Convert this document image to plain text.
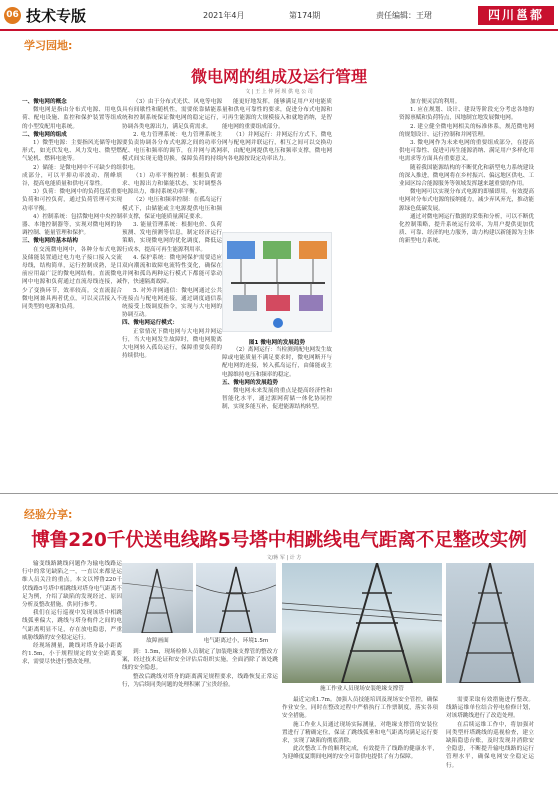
06 技术专版	2021年4月	第174期	责任编辑：王珺	四川邕都
学习园地:
微电网的组成及运行管理
文 | 王 上 仲 阿 坝 供 电 公 司

一、微电网的概念

微电网是指由分布式电源、用电负荷、配电设施、监控和保护装置等组成的小型发配用电系统。

二、微电网的组成

1）微型电源：主要指风光储等电源形式，如光伏发电、风力发电、微型燃气轮机、燃料电池等。

2）储能：是微电网中不可缺少的组成部分，可以平抑功率波动、削峰填谷，提高电能质量和供电可靠性。

3）负荷：微电网中的负荷包括重要负荷和可控负荷，通过负荷管理可实现功率平衡。

4）控制系统：包括微电网中央控制器、本地控制器等，实现对微电网的协调控制、能量管理和保护。

三、微电网的基本结构

在交流微电网中，各种分布式电源及储能装置通过电力电子接口接入交流母线，结构简单，运行控制成熟，是目前应用最广泛的微电网结构。直流微电网中电源和负荷通过直流母线连接，减少了变换环节，效率较高。交直流混合微电网兼具两者优点，可以灵活接入不同类型的电源和负荷。

（3）由于分布式光伏、风电等电源具有间歇性和随机性，需要依靠储能系统和控制系统保证微电网的稳定运行，协调各类电源出力，满足负荷需求。

2. 电力管理系统：电力管理系统主要负责协调各分布式电源之间的功率分配、电压和频率的调节，在并网与离网模式间实现无缝切换，保障负荷的持续供电。

（1）功率平衡控制：根据负荷需求、电源出力和储能状态，实时调整各电源出力，维持系统功率平衡。

（2）电压和频率控制：在孤岛运行模式下，由储能或主电源提供电压和频率支撑，保证电能质量满足要求。

3. 能量管理系统：根据电价、负荷预测、发电预测等信息，制定经济运行策略，实现微电网的优化调度，降低运行成本，提高可再生能源利用率。

4. 保护系统：微电网保护需要适应双向潮流和故障电流特性变化，确保在并网和孤岛两种运行模式下都能可靠动作，快速隔离故障。

5. 对外并网通信：微电网通过公共连接点与配电网连接，通过调度通信系统接受上级调度指令，实现与大电网的协调互动。

四、微电网运行模式：

正常情况下微电网与大电网并网运行，当大电网发生故障时，微电网脱离大电网转入孤岛运行，保障重要负荷的持续供电。

能更好地发挥，能够满足用户对电能质量和供电可靠性的要求，促进分布式电源和可再生能源的大规模接入和就地消纳，是智能电网的重要组成部分。

（1）并网运行：并网运行方式下，微电网与配电网并联运行，相互之间可以交换功率，由配电网提供电压和频率支撑，微电网内各电源按设定功率出力。

（2）离网运行：当检测到配电网发生故障或电能质量不满足要求时，微电网断开与配电网的连接，转入孤岛运行，由储能或主电源维持电压和频率的稳定。

五、微电网的发展趋势

微电网未来发展的重点是提高经济性和智能化水平，通过源网荷储一体化协同控制，实现多能互补，促进能源结构转型。

加方便灵活的利用。

1. 应在规划、设计、建设等阶段充分考虑各地的资源禀赋和负荷特点，因地制宜地发展微电网。

2. 建立健全微电网相关的标准体系，规范微电网的规划设计、运行控制和并网管理。

3. 微电网作为未来电网的重要组成部分，在提高供电可靠性、促进可再生能源消纳、满足用户多样化用电需求等方面具有重要意义。

随着我国能源结构的不断优化和新型电力系统建设的深入推进，微电网将在乡村振兴、偏远地区供电、工业园区综合能源服务等领域发挥越来越重要的作用。

微电网可以实现分布式电源的即插即用，有效提高电网对分布式电源的接纳能力，减少弃风弃光，推动能源绿色低碳发展。

通过对微电网运行数据的采集和分析，可以不断优化控制策略，提升系统运行效率，为用户提供更加优质、可靠、经济的电力服务，助力构建以新能源为主体的新型电力系统。

图1 微电网的发展趋势
经验分享:
博鲁220千伏送电线路5号塔中相跳线电气距离不足整改实例
文/蒋 军 | 计 方

输变线路跳线问题作为输电线路运行中的常见缺陷之一，一直以来都是运维人员关注的重点。本文以博鲁220千伏线路5号塔中相跳线对塔身电气距离不足为例，介绍了缺陷的发现经过、原因分析及整改措施，供同行参考。

我们在运行巡视中发现该塔中相跳线弧垂偏大，跳线与塔身构件之间的电气距离明显不足，存在放电隐患，严重威胁线路的安全稳定运行。

经现场测量，跳线对塔身最小距离约1.5m，小于规程规定的安全距离要求，需要尽快进行整改处理。

故障画面	电气距离过小，环境1.5m

到：1.5m，现场检修人员制定了加装绝缘支撑管的整改方案，经过技术论证和安全评估后组织实施，全面消除了该处跳线的安全隐患。

整改后跳线对塔身的距离满足规程要求，线路恢复正常运行，为后续同类问题的处理积累了宝贵经验。

施工作业人员现场安装绝缘支撑管

最近完成1.7m。加强人员技能培训及现场安全管控，确保作业安全，同时在整改过程中严格执行工作票制度，落实各项安全措施。

施工作业人员通过现场实际测量，对绝缘支撑管的安装位置进行了精确定位，保证了跳线弧垂和电气距离均满足运行要求，实现了缺陷的彻底消除。

此次整改工作的顺利完成，有效提升了线路的健康水平，为迎峰度夏期间电网的安全可靠供电提供了有力保障。

需要采取有效措施进行整改。线路运维单位结合停电检修计划，对该塔跳线进行了改造处理。

在后续运维工作中，将加强对同类型杆塔跳线的巡视检查，建立缺陷隐患台账，及时发现并消除安全隐患，不断提升输电线路的运行管理水平，确保电网安全稳定运行。
